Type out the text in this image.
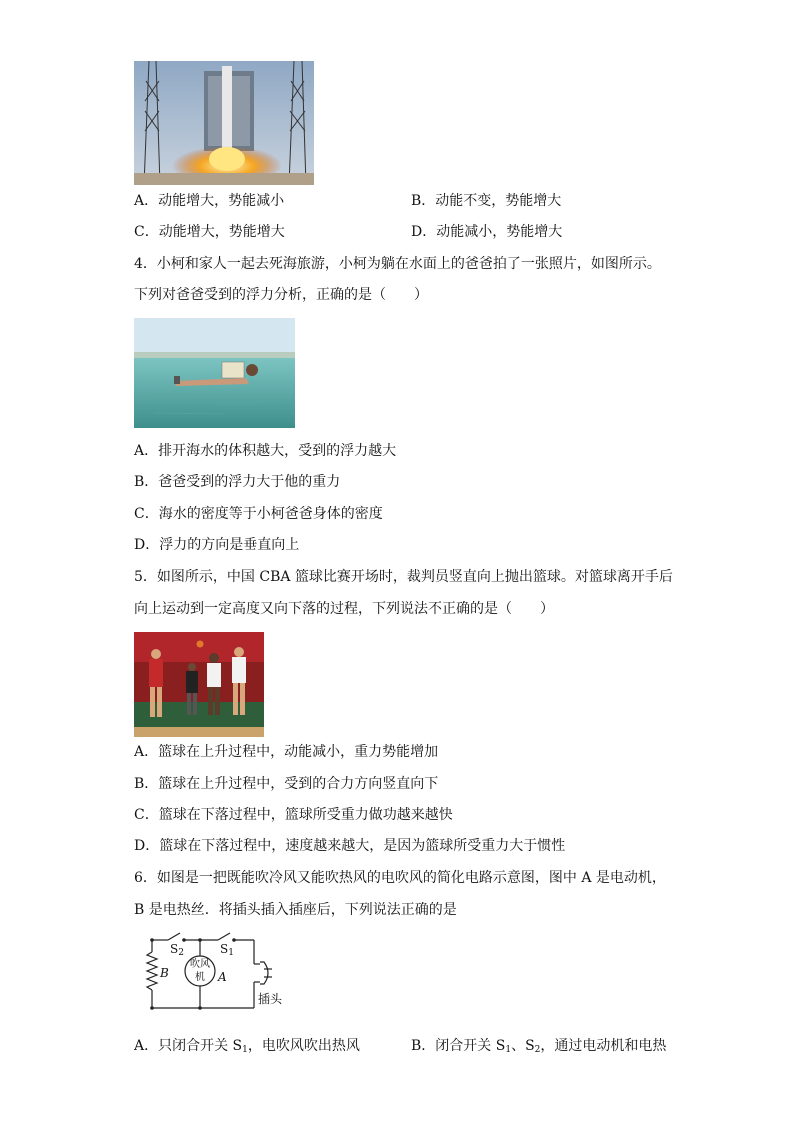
A．动能增大，势能减小	B．动能不变，势能增大
C．动能增大，势能增大	D．动能减小，势能增大
4．小柯和家人一起去死海旅游，小柯为躺在水面上的爸爸拍了一张照片，如图所示。
下列对爸爸受到的浮力分析，正确的是（　　）
A．排开海水的体积越大，受到的浮力越大
B．爸爸受到的浮力大于他的重力
C．海水的密度等于小柯爸爸身体的密度
D．浮力的方向是垂直向上
5．如图所示，中国 CBA 篮球比赛开场时，裁判员竖直向上抛出篮球。对篮球离开手后
向上运动到一定高度又向下落的过程，下列说法不正确的是（　　）
A．篮球在上升过程中，动能减小，重力势能增加
B．篮球在上升过程中，受到的合力方向竖直向下
C．篮球在下落过程中，篮球所受重力做功越来越快
D．篮球在下落过程中，速度越来越大，是因为篮球所受重力大于惯性
6．如图是一把既能吹冷风又能吹热风的电吹风的简化电路示意图，图中 A 是电动机，
B 是电热丝．将插头插入插座后，下列说法正确的是
$S_2$	$S_1$
B	A
吹风
机
插头
A．只闭合开关 $S_1$，电吹风吹出热风	B．闭合开关 $S_1$、$S_2$，通过电动机和电热
